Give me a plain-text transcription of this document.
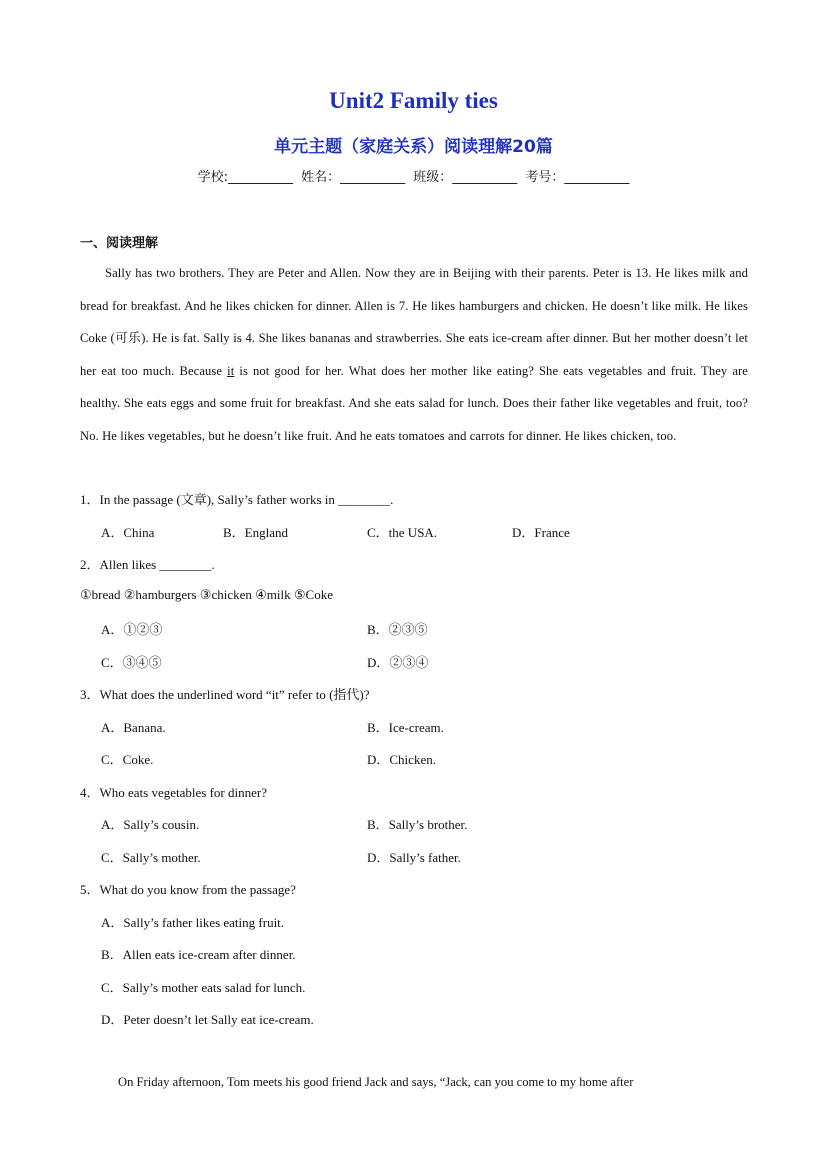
Unit2 Family ties
单元主题（家庭关系）阅读理解20篇
学校:__________ 姓名：__________ 班级：__________ 考号：__________
一、阅读理解
Sally has two brothers. They are Peter and Allen. Now they are in Beijing with their parents. Peter is 13. He likes milk and bread for breakfast. And he likes chicken for dinner. Allen is 7. He likes hamburgers and chicken. He doesn’t like milk. He likes Coke (可乐). He is fat. Sally is 4. She likes bananas and strawberries. She eats ice-cream after dinner. But her mother doesn’t let her eat too much. Because it is not good for her. What does her mother like eating? She eats vegetables and fruit. They are healthy. She eats eggs and some fruit for breakfast. And she eats salad for lunch. Does their father like vegetables and fruit, too? No. He likes vegetables, but he doesn’t like fruit. And he eats tomatoes and carrots for dinner. He likes chicken, too.
1．In the passage (文章), Sally’s father works in ________.
A．China	B．England	C．the USA.	D．France
2．Allen likes ________.
①bread ②hamburgers ③chicken ④milk ⑤Coke
A．①②③	B．②③⑤
C．③④⑤	D．②③④
3．What does the underlined word “it” refer to (指代)?
A．Banana.	B．Ice-cream.
C．Coke.	D．Chicken.
4．Who eats vegetables for dinner?
A．Sally’s cousin.	B．Sally’s brother.
C．Sally’s mother.	D．Sally’s father.
5．What do you know from the passage?
A．Sally’s father likes eating fruit.
B．Allen eats ice-cream after dinner.
C．Sally’s mother eats salad for lunch.
D．Peter doesn’t let Sally eat ice-cream.
On Friday afternoon, Tom meets his good friend Jack and says, “Jack, can you come to my home after
